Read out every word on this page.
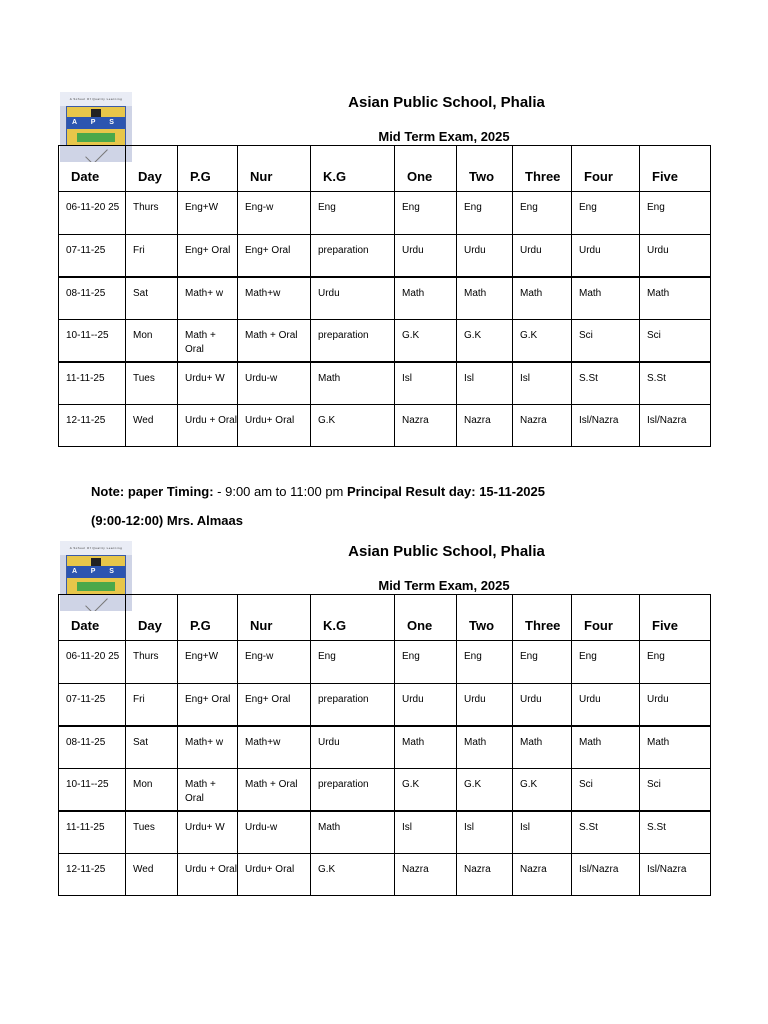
A School Of Quality Learning
A P S
Asian Public School, Phalia
Mid Term Exam, 2025
Date	Day	P.G	Nur	K.G	One	Two	Three	Four	Five
06-11-20 25	Thurs	Eng+W	Eng-w	Eng	Eng	Eng	Eng	Eng	Eng
07-11-25	Fri	Eng+ Oral	Eng+ Oral	preparation	Urdu	Urdu	Urdu	Urdu	Urdu
08-11-25	Sat	Math+ w	Math+w	Urdu	Math	Math	Math	Math	Math
10-11--25	Mon	Math + Oral	Math + Oral	preparation	G.K	G.K	G.K	Sci	Sci
11-11-25	Tues	Urdu+ W	Urdu-w	Math	Isl	Isl	Isl	S.St	S.St
12-11-25	Wed	Urdu + Oral	Urdu+ Oral	G.K	Nazra	Nazra	Nazra	Isl/Nazra	Isl/Nazra
Note: paper Timing: - 9:00 am to 11:00 pm Principal Result day: 15-11-2025
(9:00-12:00) Mrs. Almaas
A School Of Quality Learning
A P S
Asian Public School, Phalia
Mid Term Exam, 2025
Date	Day	P.G	Nur	K.G	One	Two	Three	Four	Five
06-11-20 25	Thurs	Eng+W	Eng-w	Eng	Eng	Eng	Eng	Eng	Eng
07-11-25	Fri	Eng+ Oral	Eng+ Oral	preparation	Urdu	Urdu	Urdu	Urdu	Urdu
08-11-25	Sat	Math+ w	Math+w	Urdu	Math	Math	Math	Math	Math
10-11--25	Mon	Math + Oral	Math + Oral	preparation	G.K	G.K	G.K	Sci	Sci
11-11-25	Tues	Urdu+ W	Urdu-w	Math	Isl	Isl	Isl	S.St	S.St
12-11-25	Wed	Urdu + Oral	Urdu+ Oral	G.K	Nazra	Nazra	Nazra	Isl/Nazra	Isl/Nazra
